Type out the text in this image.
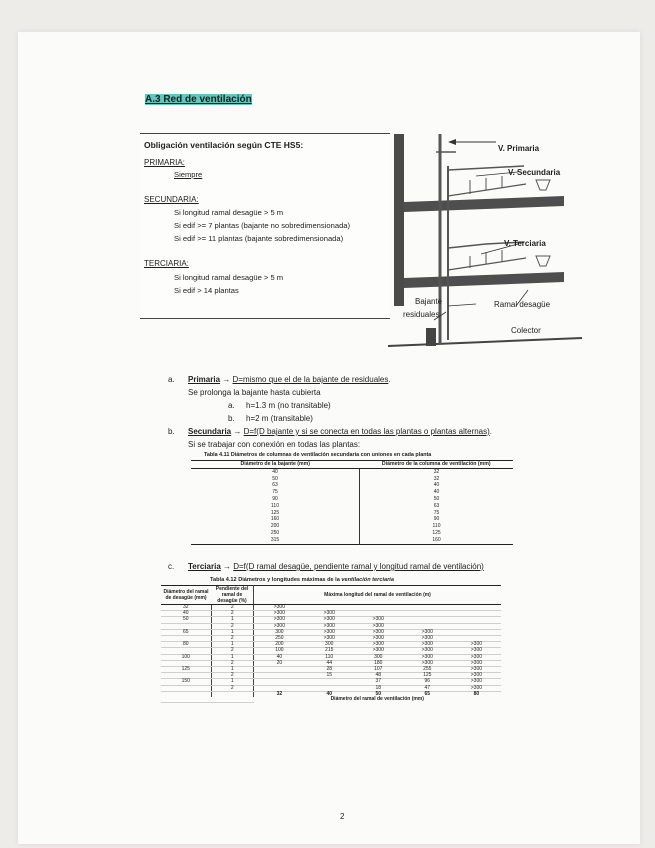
A.3 Red de ventilación
Obligación ventilación según CTE HS5:
PRIMARIA:
Siempre
SECUNDARIA:
Si longitud ramal desagüe > 5 m
Si edif >= 7 plantas (bajante no sobredimensionada)
Si edif >= 11 plantas (bajante sobredimensionada)
TERCIARIA:
Si longitud ramal desagüe > 5 m
Si edif > 14 plantas
V. Primaria
V. Secundaria
V. Terciaria
Bajante
residuales
Ramal desagüe
Colector
a. Primaria → D=mismo que el de la bajante de residuales.
Se prolonga la bajante hasta cubierta
a. h=1.3 m (no transitable)
b. h=2 m (transitable)
b. Secundaria → D=f(D bajante y si se conecta en todas las plantas o plantas alternas).
Si se trabajar con conexión en todas las plantas:
Tabla 4.11 Diámetros de columnas de ventilación secundaria con uniones en cada planta
Diámetro de la bajante (mm)	Diámetro de la columna de ventilación (mm)
40	32
50	32
63	40
75	40
90	50
110	63
125	75
160	90
200	110
250	125
315	160
c. Terciaria → D=f(D ramal desagüe, pendiente ramal y longitud ramal de ventilación)
Tabla 4.12 Diámetros y longitudes máximas de la ventilación terciaria
Diámetro del ramal de desagüe (mm)	Pendiente del ramal de desagüe (%)	Máxima longitud del ramal de ventilación (m)				
32	2	>300				
40	2	>300	>300			
50	1	>300	>300	>300		
	2	>300	>300	>300		
65	1	300	>300	>300	>300	
	2	250	>300	>300	>300	
80	1	200	300	>300	>300	>300
	2	100	215	>300	>300	>300
100	1	40	110	300	>300	>300
	2	20	44	180	>300	>300
125	1		28	107	255	>300
	2		15	48	125	>300
150	1			37	96	>300
	2			18	47	>300
		32	40	50	65	80
		Diámetro del ramal de ventilación (mm)				
2
